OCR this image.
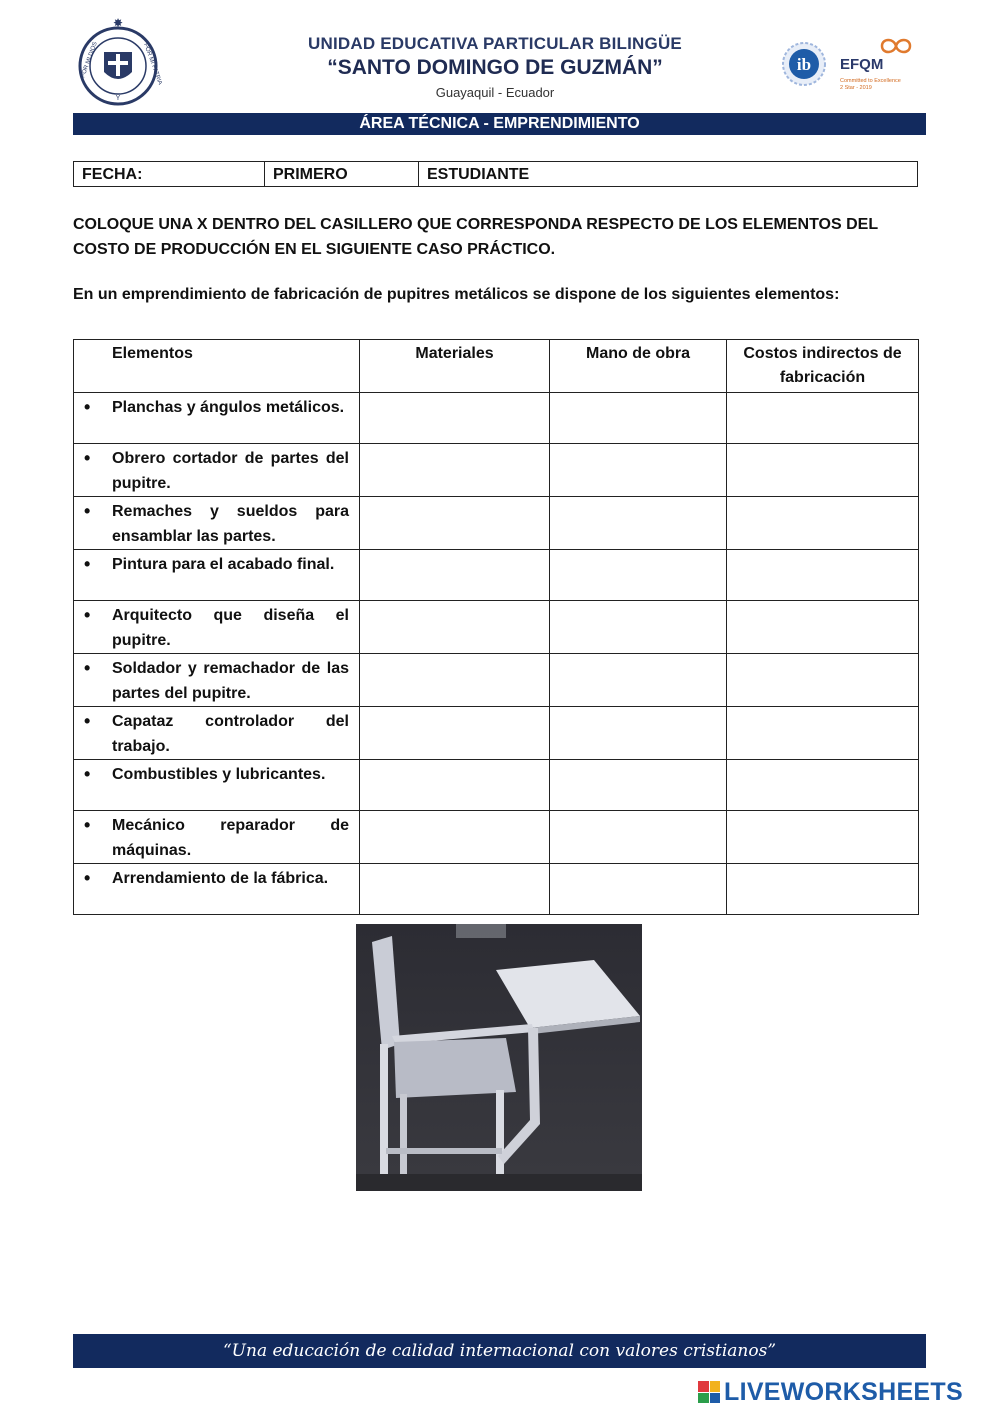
✸
POR MI DIOS	POR MI PATRIA
Y
UNIDAD EDUCATIVA PARTICULAR BILINGÜE
“SANTO DOMINGO DE GUZMÁN”
Guayaquil - Ecuador
ib EFQM
Committed to Excellence
2 Star - 2019
ÁREA TÉCNICA - EMPRENDIMIENTO
FECHA:	PRIMERO	ESTUDIANTE
COLOQUE UNA X DENTRO DEL CASILLERO QUE CORRESPONDA RESPECTO DE LOS ELEMENTOS DEL COSTO DE PRODUCCIÓN EN EL SIGUIENTE CASO PRÁCTICO.
En un emprendimiento de fabricación de pupitres metálicos se dispone de los siguientes elementos:
Elementos	Materiales	Mano de obra	Costos indirectos de fabricación

• Planchas y ángulos metálicos.			

• Obrero cortador de partes del pupitre.			

• Remaches y sueldos para ensamblar las partes.			

• Pintura para el acabado final.			

• Arquitecto que diseña el pupitre.			

• Soldador y remachador de las partes del pupitre.			

• Capataz controlador del trabajo.			

• Combustibles y lubricantes.			

• Mecánico reparador de máquinas.			

• Arrendamiento de la fábrica.			

“Una educación de calidad internacional con valores cristianos”
LIVEWORKSHEETS
